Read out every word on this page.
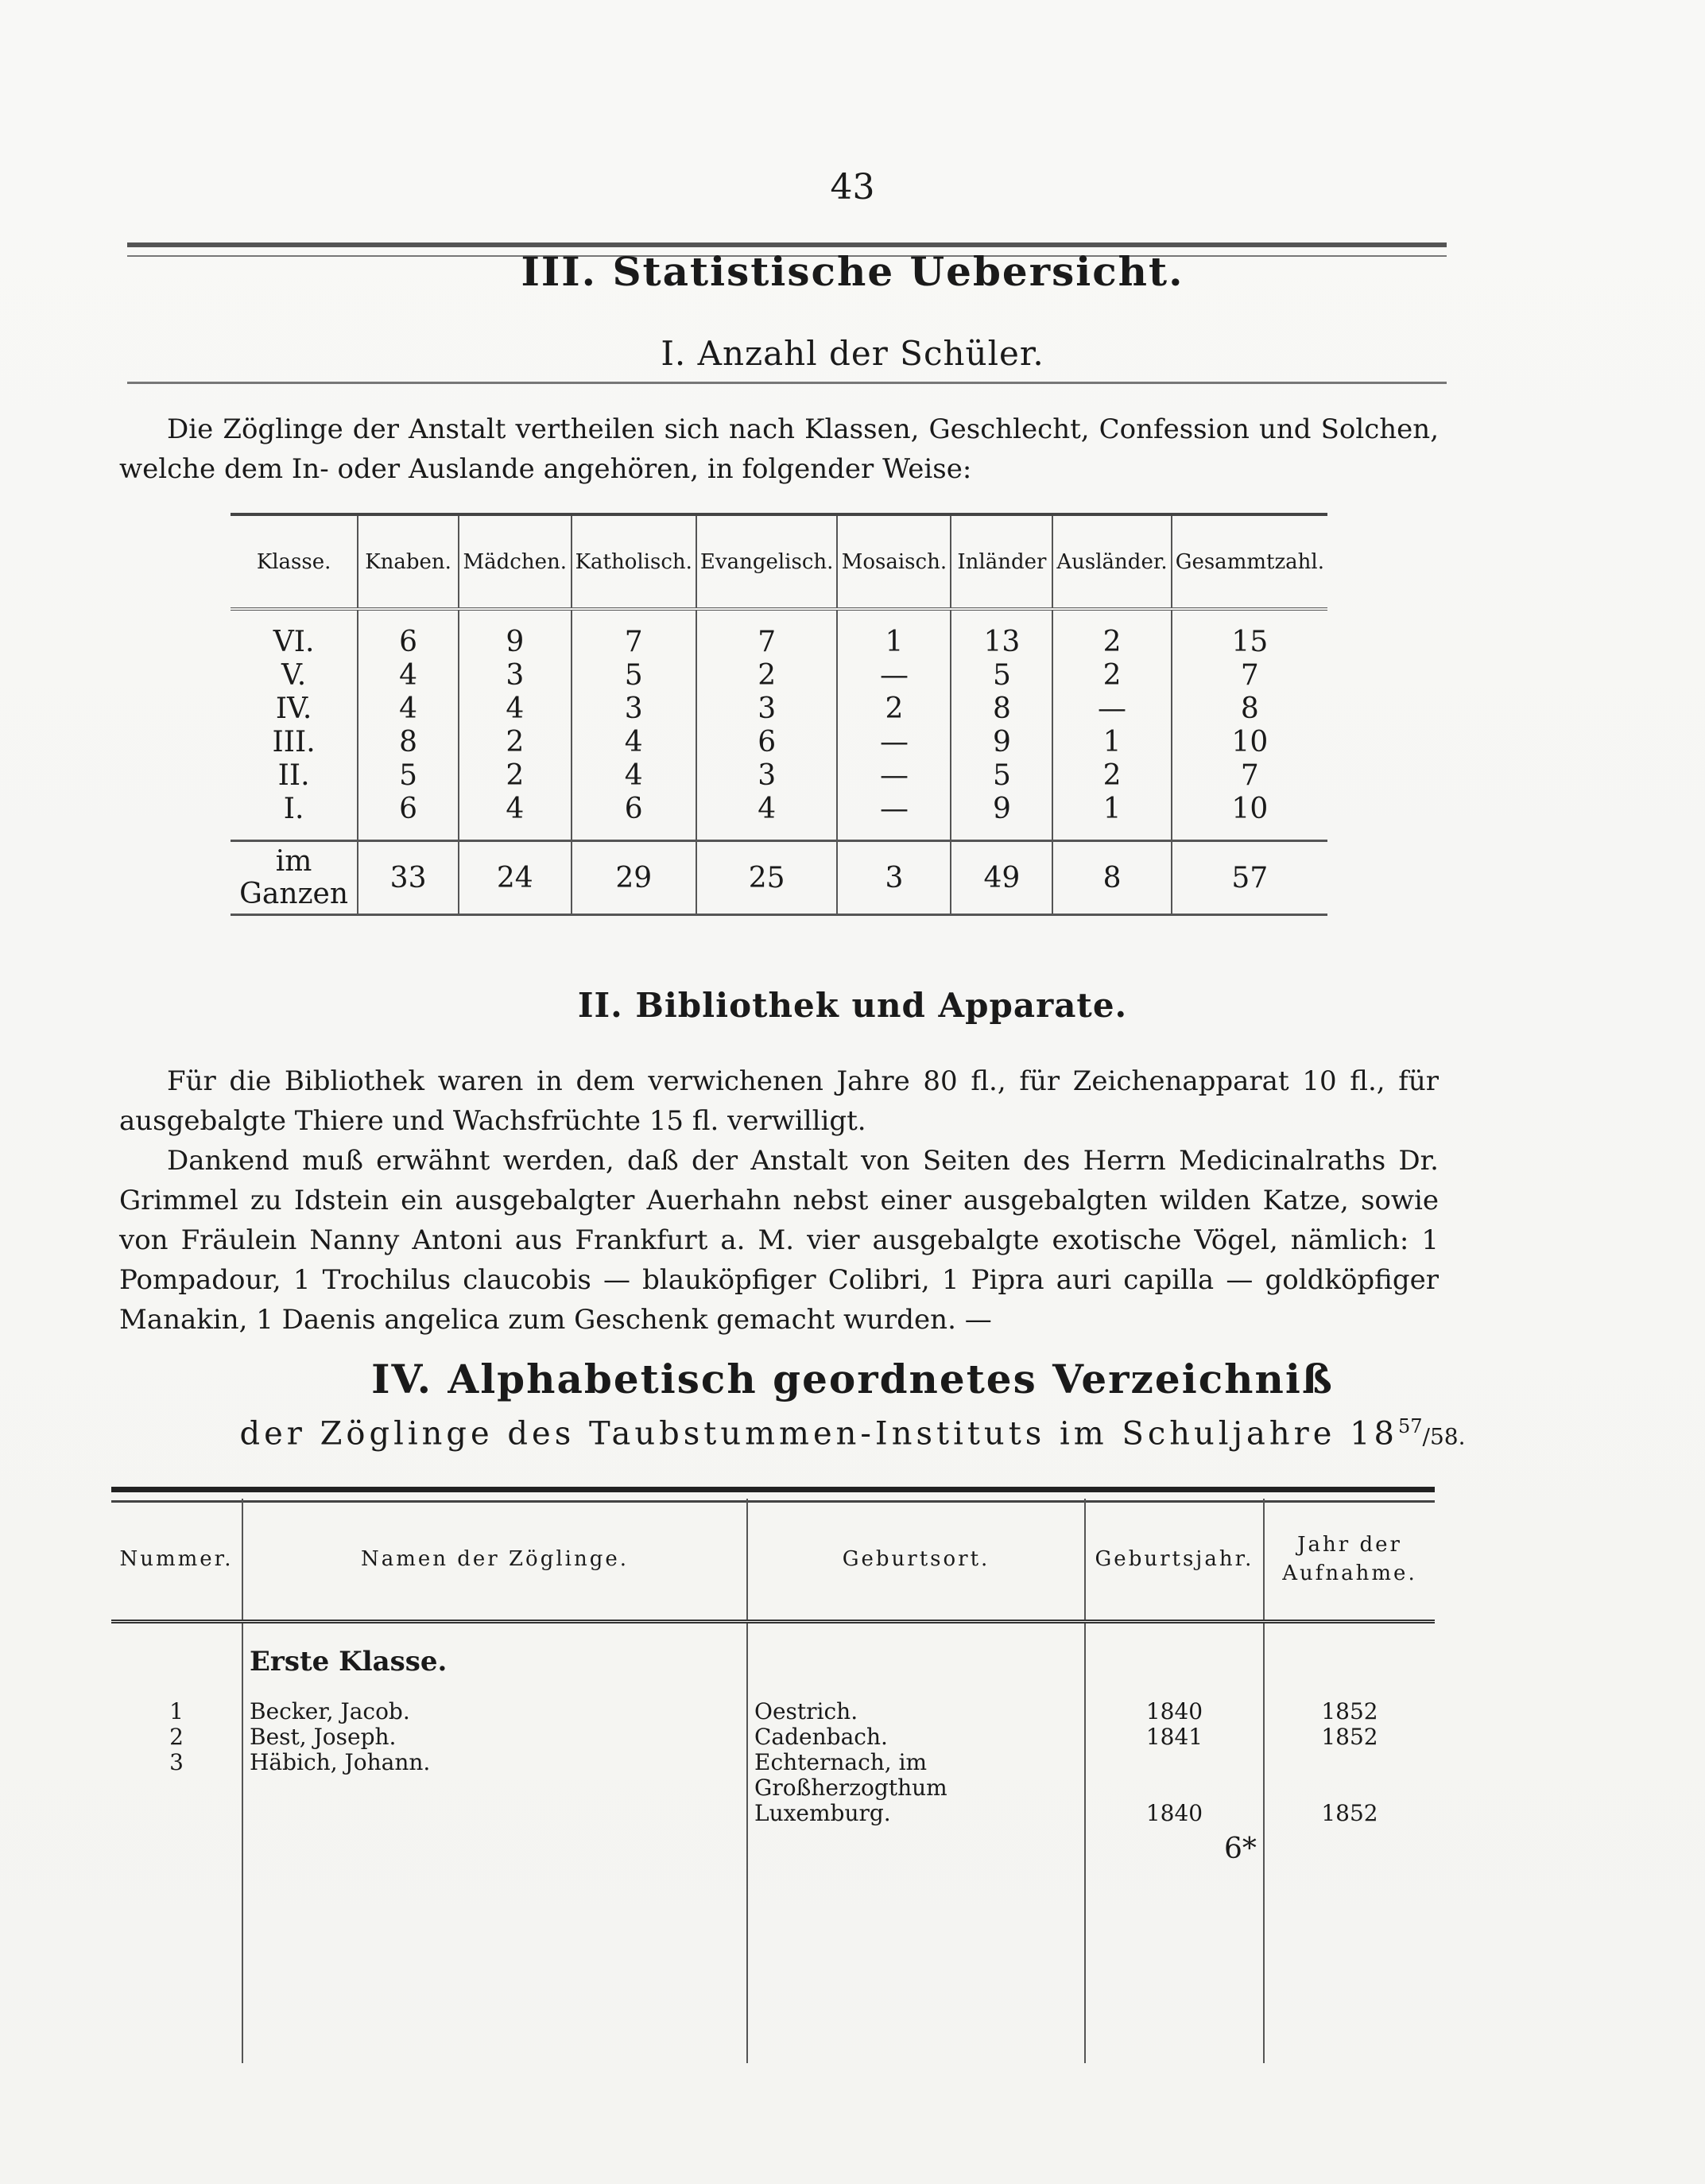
43
III. Statistische Uebersicht.
I. Anzahl der Schüler.

Die Zöglinge der Anstalt vertheilen sich nach Klassen, Geschlecht, Confession und Solchen, welche dem In- oder Auslande angehören, in folgender Weise:

Klasse.	Knaben.	Mädchen.	Katholisch.	Evangelisch.	Mosaisch.	Inländer	Ausländer.	Gesammtzahl.
VI.	6	9	7	7	1	13	2	15
V.	4	3	5	2	—	5	2	7
IV.	4	4	3	3	2	8	—	8
III.	8	2	4	6	—	9	1	10
II.	5	2	4	3	—	5	2	7
I.	6	4	6	4	—	9	1	10
im Ganzen	33	24	29	25	3	49	8	57
II. Bibliothek und Apparate.

Für die Bibliothek waren in dem verwichenen Jahre 80 fl., für Zeichenapparat 10 fl., für ausgebalgte Thiere und Wachsfrüchte 15 fl. verwilligt.

Dankend muß erwähnt werden, daß der Anstalt von Seiten des Herrn Medicinalraths Dr. Grimmel zu Idstein ein ausgebalgter Auerhahn nebst einer ausgebalgten wilden Katze, sowie von Fräulein Nanny Antoni aus Frankfurt a. M. vier ausgebalgte exotische Vögel, nämlich: 1 Pompadour, 1 Trochilus claucobis — blauköpfiger Colibri, 1 Pipra auri capilla — goldköpfiger Manakin, 1 Daenis angelica zum Geschenk gemacht wurden. —

IV. Alphabetisch geordnetes Verzeichniß
der Zöglinge des Taubstummen-Instituts im Schuljahre $18^{57}/58$.
Nummer.	Namen der Zöglinge.	Geburtsort.	Geburtsjahr.	Jahr der Aufnahme.
	Erste Klasse.			
1	Becker, Jacob.	Oestrich.	1840	1852
2	Best, Joseph.	Cadenbach.	1841	1852
3	Häbich, Johann.	Echternach, im Großherzogthum Luxemburg.	1840	1852
6*
